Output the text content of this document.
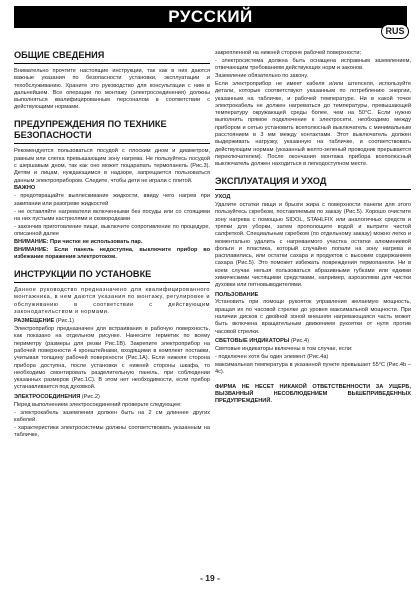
РУССКИЙ
RUS
ОБЩИЕ СВЕДЕНИЯ

Внимательно прочтите настоящие инструкции, так как в них даются важные указания по безопасности установки, эксплуатации и техобслуживанию. Храните это руководство для консультации с ним в дальнейшем. Все операции по монтажу (электросоединения) должны выполняться квалифицированным персоналом в соответствии с действующими нормами.

ПРЕДУПРЕЖДЕНИЯ ПО ТЕХНИКЕ БЕЗОПАСНОСТИ

Рекомендуется пользоваться посудой с плоским дном и диаметром, равным или слегка превышающим зону нагрева. Не пользуйтесь посудой с шершавым дном, так как оно может поцарапать термопанель (Рис.3). Детям и лицам, нуждающимся в надзоре, запрещается пользоваться данным электроприбором. Следите, чтобы дети не играли с плитой.

ВАЖНО

- предотвращайте выплескивание жидкости, ввиду чего нагрев при закипании или разогреве жидкостей

- не оставляйте нагреватели включенными без посуды или со стоящими на них пустыми кастрюлями и сковородками

- закончив приготовление пищи, выключите сопротивление по процедуре, описанной далее

ВНИМАНИЕ: При чистке не использовать пар.

ВНИМАНИЕ: Если панель недоступна, выключите прибор во избежание поражения электротоком.

ИНСТРУКЦИИ ПО УСТАНОВКЕ

Данное руководство предназначено для квалифицированного монтажника, в нем даются указания по монтажу, регулировке и обслуживанию в соответствии с действующим законодательством и нормами.

РАЗМЕЩЕНИЕ (Рис.1)

Электроприбор предназначен для встраивания в рабочую поверхность, как показано на отдельном рисунке. Нанесите герметик по всему периметру (размеры для резки Рис.1В). Закрепите электроприбор на рабочей поверхности 4 кронштейнами, входящими в комплект поставки, учитывая толщину рабочей поверхности (Рис.1А). Если нижняя сторона прибора доступна, после установки с нижней стороны шкафа, то необходимо смонтировать разделительную панель, при соблюдении указанных размеров (Рис.1С). В этом нет необходимости, если прибор устанавливается под духовкой.

ЭЛЕКТРОСОЕДИНЕНИЯ (Рис.2)

Перед выполнением электросоединений проверьте следующее:

- электрокабель заземления должен быть на 2 см длиннее других кабелей.

- характеристики электросистемы должны соответствовать указанным на табличке,

закрепленной на нижней стороне рабочей поверхности;

- электросистема должна быть оснащена исправным заземлением, отвечающим требованиям действующих норм и законов.

Заземление обязательно по закону.

Если электроприбор не имеет кабеля и/или штепселя, используйте детали, которые соответствуют указанным по потреблению энергии, указанным на табличке, и рабочей температуре. Ни в какой точке электрокабель не должен нагреваться до температуры, превышающей температуру окружающей среды более, чем на 50°С. Если нужно выполнить прямое подключение к электросети, необходимо между прибором и сетью установить всеполюсный выключатель с минимальным расстоянием в 3 мм между контактами. Этот выключатель должен выдерживать нагрузку, указанную на табличке, и соответствовать действующим нормам (указанный желто-зеленый проводник прерывается переключателем). После окончания монтажа прибора всеполюсный выключатель должен находиться в легкодоступном месте.

ЭКСПЛУАТАЦИЯ И УХОД

УХОД

Удалите остатки пищи и брызги жира с поверхности панели для этого пользуйтесь скребком, поставляемым по заказу (Рис.5). Хорошо очистите зону нагрева с помощью SIDOL, STAHLFIX или аналогичных средств и тряпки для уборки, затем прополощите водой и вытрите чистой салфеткой. Специальным скребком (по отдельному заказу) можно легко и моментально удалить с нагреваемого участка остатки алюминиевой фольги и пластика, который случайно попали на зону нагрева и расплавились, или остатки сахара и продуктов с высоким содержанием сахара (Рис.5). Это поможет избежать повреждения термопанели. Ни в коем случае нельзя пользоваться абразивными губками или едкими химическими чистящими средствами, например, аэрозолями для чистки духовки или пятновыводителями.

ПОЛЬЗОВАНИЕ

Установить при помощи рукояток управления желаемую мощность, вращая их по часовой стрелке до уровня максимальной мощности. При наличии дисков с двойной зоной внешняя нагревающаяся часть может быть включена вращательным движением рукоятки от нуля против часовой стрелки.

СВЕТОВЫЕ ИНДИКАТОРЫ (Рис.4)

Световые индикаторы включены в том случае, если:

- подключен хотя бы один элемент (Рис.4a)

максимальная температура в указанной пункте превышает 55°С (Рис.4b – 4c).

ФИРМА НЕ НЕСЕТ НИКАКОЙ ОТВЕТСТВЕННОСТИ ЗА УЩЕРБ, ВЫЗВАННЫЙ НЕСОБЛЮДЕНИЕМ ВЫШЕПРИВЕДЕННЫХ ПРЕДУПРЕЖДЕНИЙ.

- 19 -
